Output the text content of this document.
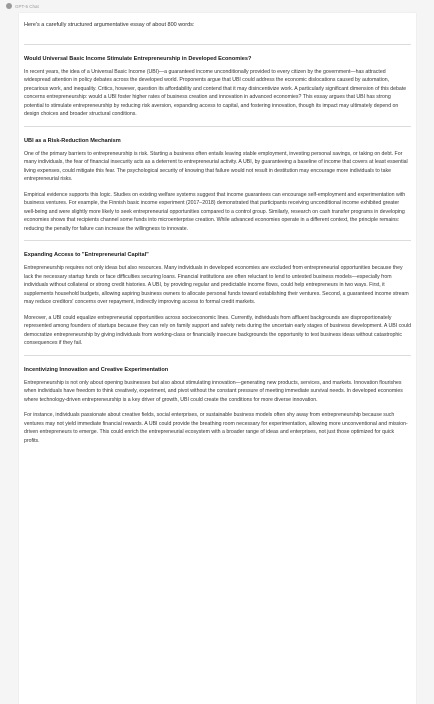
GPT-5 Chat

Here's a carefully structured argumentative essay of about 800 words:

Would Universal Basic Income Stimulate Entrepreneurship in Developed Economies?

In recent years, the idea of a Universal Basic Income (UBI)—a guaranteed income unconditionally provided to every citizen by the government—has attracted widespread attention in policy debates across the developed world. Proponents argue that UBI could address the economic dislocations caused by automation, precarious work, and inequality. Critics, however, question its affordability and contend that it may disincentivize work. A particularly significant dimension of this debate concerns entrepreneurship: would a UBI foster higher rates of business creation and innovation in advanced economies? This essay argues that UBI has strong potential to stimulate entrepreneurship by reducing risk aversion, expanding access to capital, and fostering innovation, though its impact may ultimately depend on design choices and broader structural conditions.

UBI as a Risk-Reduction Mechanism

One of the primary barriers to entrepreneurship is risk. Starting a business often entails leaving stable employment, investing personal savings, or taking on debt. For many individuals, the fear of financial insecurity acts as a deterrent to entrepreneurial activity. A UBI, by guaranteeing a baseline of income that covers at least essential living expenses, could mitigate this fear. The psychological security of knowing that failure would not result in destitution may encourage more individuals to take entrepreneurial risks.

Empirical evidence supports this logic. Studies on existing welfare systems suggest that income guarantees can encourage self-employment and experimentation with business ventures. For example, the Finnish basic income experiment (2017–2018) demonstrated that participants receiving unconditional income exhibited greater well-being and were slightly more likely to seek entrepreneurial opportunities compared to a control group. Similarly, research on cash transfer programs in developing economies shows that recipients channel some funds into microenterprise creation. While advanced economies operate in a different context, the principle remains: reducing the penalty for failure can increase the willingness to innovate.

Expanding Access to "Entrepreneurial Capital"

Entrepreneurship requires not only ideas but also resources. Many individuals in developed economies are excluded from entrepreneurial opportunities because they lack the necessary startup funds or face difficulties securing loans. Financial institutions are often reluctant to lend to untested business models—especially from individuals without collateral or strong credit histories. A UBI, by providing regular and predictable income flows, could help entrepreneurs in two ways. First, it supplements household budgets, allowing aspiring business owners to allocate personal funds toward establishing their ventures. Second, a guaranteed income stream may reduce creditors' concerns over repayment, indirectly improving access to formal credit markets.

Moreover, a UBI could equalize entrepreneurial opportunities across socioeconomic lines. Currently, individuals from affluent backgrounds are disproportionately represented among founders of startups because they can rely on family support and safety nets during the uncertain early stages of business development. A UBI could democratize entrepreneurship by giving individuals from working-class or financially insecure backgrounds the opportunity to test business ideas without catastrophic consequences if they fail.

Incentivizing Innovation and Creative Experimentation

Entrepreneurship is not only about opening businesses but also about stimulating innovation—generating new products, services, and markets. Innovation flourishes when individuals have freedom to think creatively, experiment, and pivot without the constant pressure of meeting immediate survival needs. In developed economies where technology-driven entrepreneurship is a key driver of growth, UBI could create the conditions for more diverse innovation.

For instance, individuals passionate about creative fields, social enterprises, or sustainable business models often shy away from entrepreneurship because such ventures may not yield immediate financial rewards. A UBI could provide the breathing room necessary for experimentation, allowing more unconventional and mission-driven entrepreneurs to emerge. This could enrich the entrepreneurial ecosystem with a broader range of ideas and enterprises, not just those optimized for quick profits.
